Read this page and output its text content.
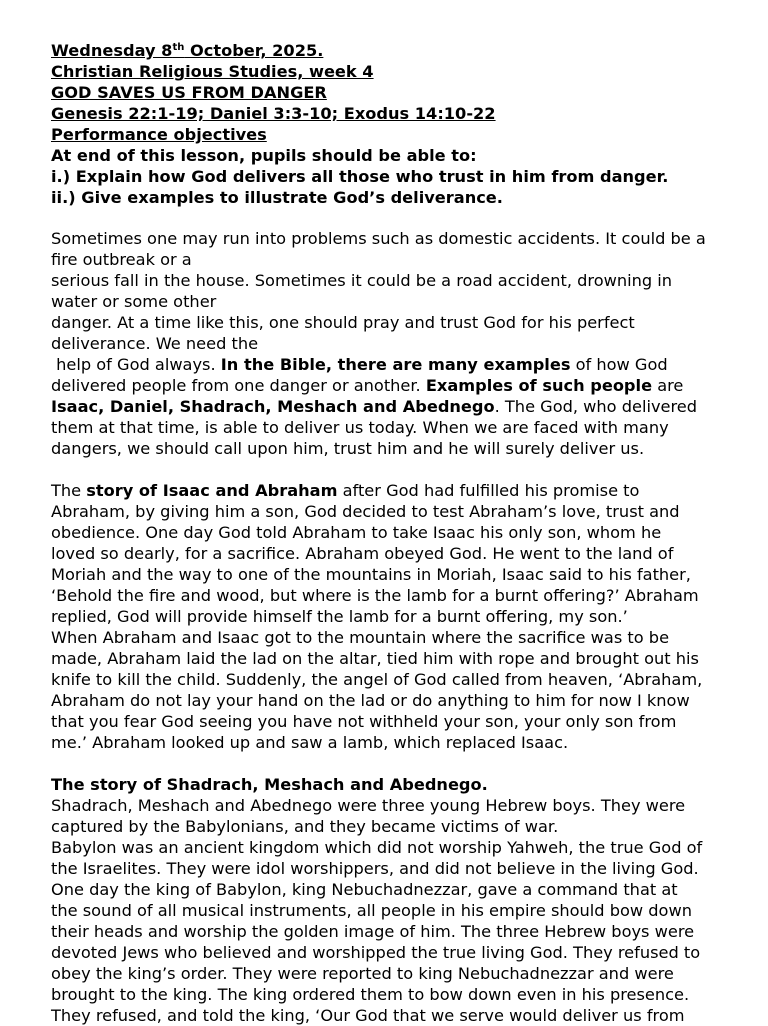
Wednesday 8th October, 2025.
Christian Religious Studies, week 4
GOD SAVES US FROM DANGER
Genesis 22:1-19; Daniel 3:3-10; Exodus 14:10-22
Performance objectives
At end of this lesson, pupils should be able to:
i.) Explain how God delivers all those who trust in him from danger.
ii.) Give examples to illustrate God’s deliverance.
Sometimes one may run into problems such as domestic accidents. It could be a
fire outbreak or a
serious fall in the house. Sometimes it could be a road accident, drowning in
water or some other
danger. At a time like this, one should pray and trust God for his perfect
deliverance. We need the
help of God always. In the Bible, there are many examples of how God
delivered people from one danger or another. Examples of such people are
Isaac, Daniel, Shadrach, Meshach and Abednego. The God, who delivered
them at that time, is able to deliver us today. When we are faced with many
dangers, we should call upon him, trust him and he will surely deliver us.
The story of Isaac and Abraham after God had fulfilled his promise to
Abraham, by giving him a son, God decided to test Abraham’s love, trust and
obedience. One day God told Abraham to take Isaac his only son, whom he
loved so dearly, for a sacrifice. Abraham obeyed God. He went to the land of
Moriah and the way to one of the mountains in Moriah, Isaac said to his father,
‘Behold the fire and wood, but where is the lamb for a burnt offering?’ Abraham
replied, God will provide himself the lamb for a burnt offering, my son.’
When Abraham and Isaac got to the mountain where the sacrifice was to be
made, Abraham laid the lad on the altar, tied him with rope and brought out his
knife to kill the child. Suddenly, the angel of God called from heaven, ‘Abraham,
Abraham do not lay your hand on the lad or do anything to him for now I know
that you fear God seeing you have not withheld your son, your only son from
me.’ Abraham looked up and saw a lamb, which replaced Isaac.
The story of Shadrach, Meshach and Abednego.
Shadrach, Meshach and Abednego were three young Hebrew boys. They were
captured by the Babylonians, and they became victims of war.
Babylon was an ancient kingdom which did not worship Yahweh, the true God of
the Israelites. They were idol worshippers, and did not believe in the living God.
One day the king of Babylon, king Nebuchadnezzar, gave a command that at
the sound of all musical instruments, all people in his empire should bow down
their heads and worship the golden image of him. The three Hebrew boys were
devoted Jews who believed and worshipped the true living God. They refused to
obey the king’s order. They were reported to king Nebuchadnezzar and were
brought to the king. The king ordered them to bow down even in his presence.
They refused, and told the king, ‘Our God that we serve would deliver us from
